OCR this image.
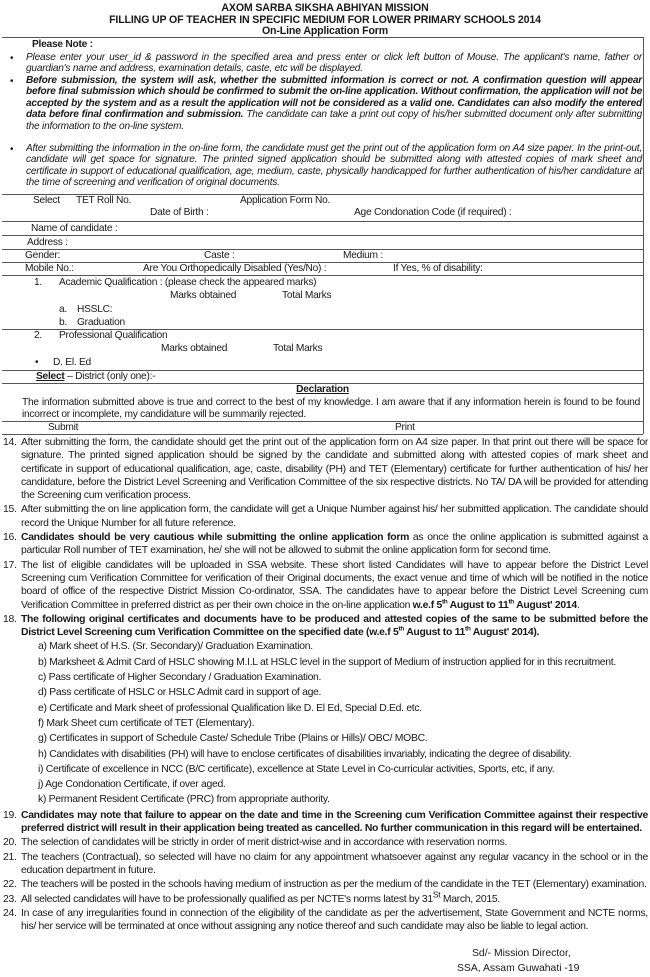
AXOM SARBA SIKSHA ABHIYAN MISSION
FILLING UP OF TEACHER IN SPECIFIC MEDIUM FOR LOWER PRIMARY SCHOOLS 2014
On-Line Application Form
Please Note :
• Please enter your user_id & password in the specified area and press enter or click left button of Mouse. The applicant's name, father or guardian's name and address, examination details, caste, etc will be displayed.
• Before submission, the system will ask, whether the submitted information is correct or not. A confirmation question will appear before final submission which should be confirmed to submit the on-line application. Without confirmation, the application will not be accepted by the system and as a result the application will not be considered as a valid one. Candidates can also modify the entered data before final confirmation and submission. The candidate can take a print out copy of his/her submitted document only after submitting the information to the on-line system.
• After submitting the information in the on-line form, the candidate must get the print out of the application form on A4 size paper. In the print-out, candidate will get space for signature. The printed signed application should be submitted along with attested copies of mark sheet and certificate in support of educational qualification, age, medium, caste, physically handicapped for further authentication of his/her candidature at the time of screening and verification of original documents.
Select TET Roll No.	Application Form No.
Date of Birth :	Age Condonation Code (if required) :
Name of candidate :
Address :
Gender:	Caste :	Medium :
Mobile No.:	Are You Orthopedically Disabled (Yes/No) :	If Yes, % of disability:
1. Academic Qualification : (please check the appeared marks)
Marks obtained	Total Marks
a. HSSLC:
b. Graduation
2. Professional Qualification
Marks obtained	Total Marks
• D. El. Ed
Select – District (only one):-
Declaration
The information submitted above is true and correct to the best of my knowledge. I am aware that if any information herein is found to be found incorrect or incomplete, my candidature will be summarily rejected.
Submit	Print
14. After submitting the form, the candidate should get the print out of the application form on A4 size paper. In that print out there will be space for signature. The printed signed application should be signed by the candidate and submitted along with attested copies of mark sheet and certificate in support of educational qualification, age, caste, disability (PH) and TET (Elementary) certificate for further authentication of his/ her candidature, before the District Level Screening and Verification Committee of the six respective districts. No TA/ DA will be provided for attending the Screening cum verification process.
15. After submitting the on line application form, the candidate will get a Unique Number against his/ her submitted application. The candidate should record the Unique Number for all future reference.
16. Candidates should be very cautious while submitting the online application form as once the online application is submitted against a particular Roll number of TET examination, he/ she will not be allowed to submit the online application form for second time.
17. The list of eligible candidates will be uploaded in SSA website. These short listed Candidates will have to appear before the District Level Screening cum Verification Committee for verification of their Original documents, the exact venue and time of which will be notified in the notice board of office of the respective District Mission Co-ordinator, SSA. The candidates have to appear before the District Level Screening cum Verification Committee in preferred district as per their own choice in the on-line application w.e.f 5th August to 11th August' 2014.
18. The following original certificates and documents have to be produced and attested copies of the same to be submitted before the District Level Screening cum Verification Committee on the specified date (w.e.f 5th August to 11th August' 2014).
a) Mark sheet of H.S. (Sr. Secondary)/ Graduation Examination.
b) Marksheet & Admit Card of HSLC showing M.I.L at HSLC level in the support of Medium of instruction applied for in this recruitment.
c) Pass certificate of Higher Secondary / Graduation Examination.
d) Pass certificate of HSLC or HSLC Admit card in support of age.
e) Certificate and Mark sheet of professional Qualification like D. El Ed, Special D.Ed. etc.
f) Mark Sheet cum certificate of TET (Elementary).
g) Certificates in support of Schedule Caste/ Schedule Tribe (Plains or Hills)/ OBC/ MOBC.
h) Candidates with disabilities (PH) will have to enclose certificates of disabilities invariably, indicating the degree of disability.
i) Certificate of excellence in NCC (B/C certificate), excellence at State Level in Co-curricular activities, Sports, etc, if any.
j) Age Condonation Certificate, if over aged.
k) Permanent Resident Certificate (PRC) from appropriate authority.
19. Candidates may note that failure to appear on the date and time in the Screening cum Verification Committee against their respective preferred district will result in their application being treated as cancelled. No further communication in this regard will be entertained.
20. The selection of candidates will be strictly in order of merit district-wise and in accordance with reservation norms.
21. The teachers (Contractual), so selected will have no claim for any appointment whatsoever against any regular vacancy in the school or in the education department in future.
22. The teachers will be posted in the schools having medium of instruction as per the medium of the candidate in the TET (Elementary) examination.
23. All selected candidates will have to be professionally qualified as per NCTE's norms latest by 31St March, 2015.
24. In case of any irregularities found in connection of the eligibility of the candidate as per the advertisement, State Government and NCTE norms, his/ her service will be terminated at once without assigning any notice thereof and such candidate may also be liable to legal action.
Sd/- Mission Director,
SSA, Assam Guwahati -19
